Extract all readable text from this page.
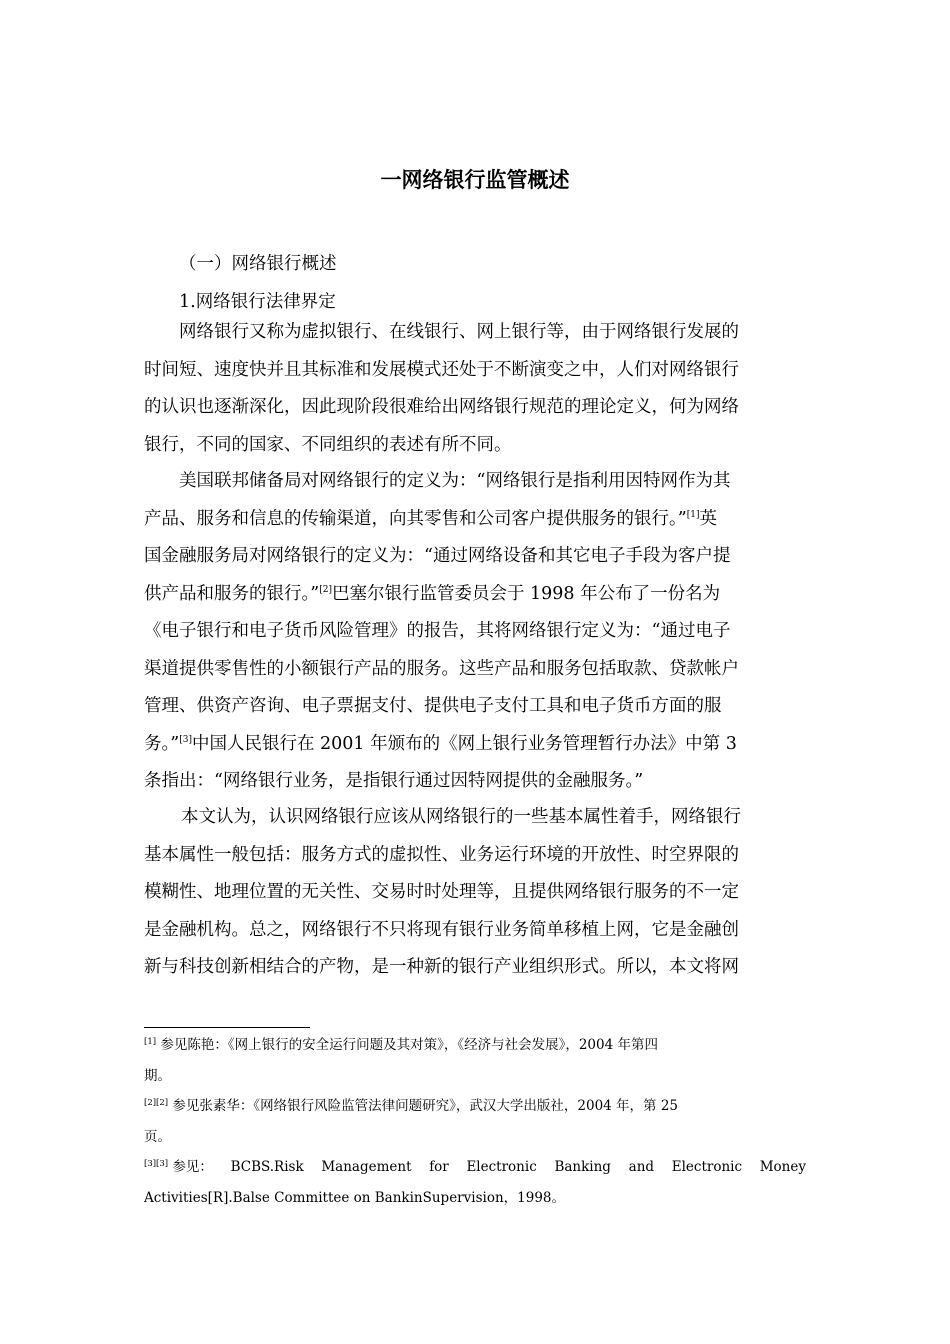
一网络银行监管概述
（一）网络银行概述
1.网络银行法律界定
网络银行又称为虚拟银行、在线银行、网上银行等，由于网络银行发展的
时间短、速度快并且其标准和发展模式还处于不断演变之中，人们对网络银行
的认识也逐渐深化，因此现阶段很难给出网络银行规范的理论定义，何为网络
银行，不同的国家、不同组织的表述有所不同。
美国联邦储备局对网络银行的定义为：“网络银行是指利用因特网作为其
产品、服务和信息的传输渠道，向其零售和公司客户提供服务的银行。”[1]英
国金融服务局对网络银行的定义为：“通过网络设备和其它电子手段为客户提
供产品和服务的银行。”[2]巴塞尔银行监管委员会于 1998 年公布了一份名为
《电子银行和电子货币风险管理》的报告，其将网络银行定义为：“通过电子
渠道提供零售性的小额银行产品的服务。这些产品和服务包括取款、贷款帐户
管理、供资产咨询、电子票据支付、提供电子支付工具和电子货币方面的服
务。”[3]中国人民银行在 2001 年颁布的《网上银行业务管理暂行办法》中第 3
条指出：“网络银行业务，是指银行通过因特网提供的金融服务。”
本文认为，认识网络银行应该从网络银行的一些基本属性着手，网络银行
基本属性一般包括：服务方式的虚拟性、业务运行环境的开放性、时空界限的
模糊性、地理位置的无关性、交易时时处理等，且提供网络银行服务的不一定
是金融机构。总之，网络银行不只将现有银行业务简单移植上网，它是金融创
新与科技创新相结合的产物，是一种新的银行产业组织形式。所以，本文将网
[1] 参见陈艳：《网上银行的安全运行问题及其对策》，《经济与社会发展》，2004 年第四
期。
[2][2] 参见张素华：《网络银行风险监管法律问题研究》，武汉大学出版社，2004 年，第 25
页。
[3][3] 参见： BCBS.Risk Management for Electronic Banking and Electronic Money
Activities[R].Balse Committee on BankinSupervision，1998。
